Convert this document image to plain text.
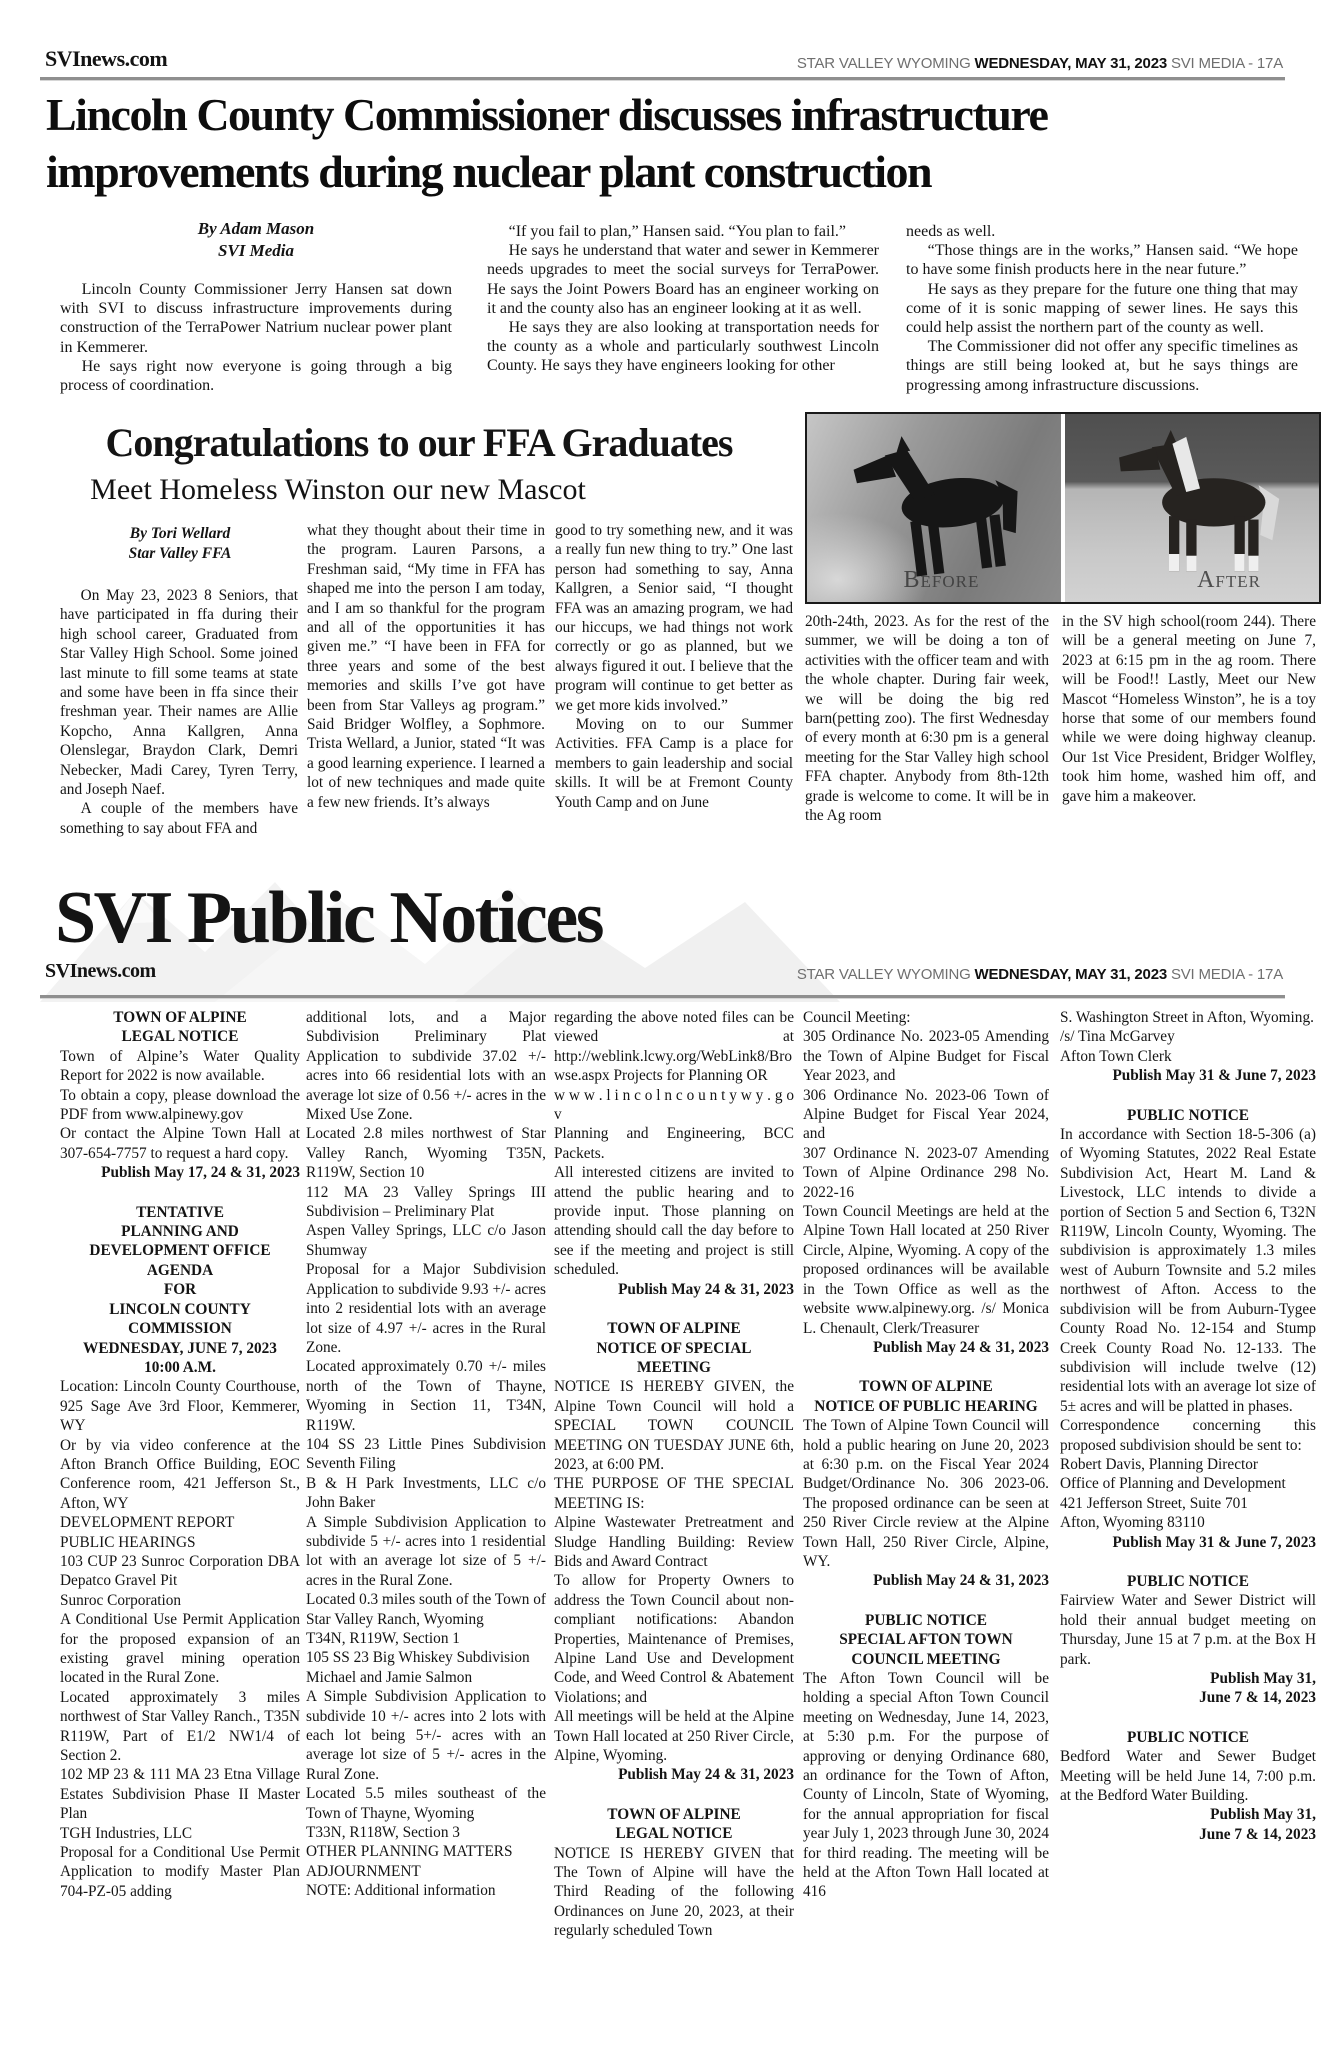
SVInews.com	STAR VALLEY WYOMING WEDNESDAY, MAY 31, 2023 SVI MEDIA - 17A
Lincoln County Commissioner discusses infrastructure improvements during nuclear plant construction
By Adam Mason
SVI Media

Lincoln County Commissioner Jerry Hansen sat down with SVI to discuss infrastructure improvements during construction of the TerraPower Natrium nuclear power plant in Kemmerer.

He says right now everyone is going through a big process of coordination.

“If you fail to plan,” Hansen said. “You plan to fail.”

He says he understand that water and sewer in Kemmerer needs upgrades to meet the social surveys for TerraPower. He says the Joint Powers Board has an engineer working on it and the county also has an engineer looking at it as well.

He says they are also looking at transportation needs for the county as a whole and particularly southwest Lincoln County. He says they have engineers looking for other

needs as well.

“Those things are in the works,” Hansen said. “We hope to have some finish products here in the near future.”

He says as they prepare for the future one thing that may come of it is sonic mapping of sewer lines. He says this could help assist the northern part of the county as well.

The Commissioner did not offer any specific timelines as things are still being looked at, but he says things are progressing among infrastructure discussions.

Congratulations to our FFA Graduates
Meet Homeless Winston our new Mascot
By Tori Wellard
Star Valley FFA
Before	After

On May 23, 2023 8 Seniors, that have participated in ffa during their high school career, Graduated from Star Valley High School. Some joined last minute to fill some teams at state and some have been in ffa since their freshman year. Their names are Allie Kopcho, Anna Kallgren, Anna Olenslegar, Braydon Clark, Demri Nebecker, Madi Carey, Tyren Terry, and Joseph Naef.

A couple of the members have something to say about FFA and

what they thought about their time in the program. Lauren Parsons, a Freshman said, “My time in FFA has shaped me into the person I am today, and I am so thankful for the program and all of the opportunities it has given me.” “I have been in FFA for three years and some of the best memories and skills I’ve got have been from Star Valleys ag program.” Said Bridger Wolfley, a Sophmore. Trista Wellard, a Junior, stated “It was a good learning experience. I learned a lot of new techniques and made quite a few new friends. It’s always

good to try something new, and it was a really fun new thing to try.” One last person had something to say, Anna Kallgren, a Senior said, “I thought FFA was an amazing program, we had our hiccups, we had things not work correctly or go as planned, but we always figured it out. I believe that the program will continue to get better as we get more kids involved.”

Moving on to our Summer Activities. FFA Camp is a place for members to gain leadership and social skills. It will be at Fremont County Youth Camp and on June

20th-24th, 2023. As for the rest of the summer, we will be doing a ton of activities with the officer team and with the whole chapter. During fair week, we will be doing the big red barn(petting zoo). The first Wednesday of every month at 6:30 pm is a general meeting for the Star Valley high school FFA chapter. Anybody from 8th-12th grade is welcome to come. It will be in the Ag room

in the SV high school(room 244). There will be a general meeting on June 7, 2023 at 6:15 pm in the ag room. There will be Food!! Lastly, Meet our New Mascot “Homeless Winston”, he is a toy horse that some of our members found while we were doing highway cleanup. Our 1st Vice President, Bridger Wolfley, took him home, washed him off, and gave him a makeover.

SVI Public Notices
SVInews.com	STAR VALLEY WYOMING WEDNESDAY, MAY 31, 2023 SVI MEDIA - 17A

TOWN OF ALPINE

LEGAL NOTICE

Town of Alpine’s Water Quality Report for 2022 is now available.

To obtain a copy, please download the PDF from www.alpinewy.gov

Or contact the Alpine Town Hall at 307-654-7757 to request a hard copy.

Publish May 17, 24 & 31, 2023

TENTATIVE

PLANNING AND

DEVELOPMENT OFFICE

AGENDA

FOR

LINCOLN COUNTY

COMMISSION

WEDNESDAY, JUNE 7, 2023

10:00 A.M.

Location: Lincoln County Courthouse, 925 Sage Ave 3rd Floor, Kemmerer, WY

Or by via video conference at the Afton Branch Office Building, EOC Conference room, 421 Jefferson St., Afton, WY

DEVELOPMENT REPORT

PUBLIC HEARINGS

103 CUP 23 Sunroc Corporation DBA Depatco Gravel Pit

Sunroc Corporation

A Conditional Use Permit Application for the proposed expansion of an existing gravel mining operation located in the Rural Zone.

Located approximately 3 miles northwest of Star Valley Ranch., T35N R119W, Part of E1/2 NW1/4 of Section 2.

102 MP 23 & 111 MA 23 Etna Village Estates Subdivision Phase II Master Plan

TGH Industries, LLC

Proposal for a Conditional Use Permit Application to modify Master Plan 704-PZ-05 adding

additional lots, and a Major Subdivision Preliminary Plat Application to subdivide 37.02 +/- acres into 66 residential lots with an average lot size of 0.56 +/- acres in the Mixed Use Zone.

Located 2.8 miles northwest of Star Valley Ranch, Wyoming T35N, R119W, Section 10

112 MA 23 Valley Springs III Subdivision – Preliminary Plat

Aspen Valley Springs, LLC c/o Jason Shumway

Proposal for a Major Subdivision Application to subdivide 9.93 +/- acres into 2 residential lots with an average lot size of 4.97 +/- acres in the Rural Zone.

Located approximately 0.70 +/- miles north of the Town of Thayne, Wyoming in Section 11, T34N, R119W.

104 SS 23 Little Pines Subdivision Seventh Filing

B & H Park Investments, LLC c/o John Baker

A Simple Subdivision Application to subdivide 5 +/- acres into 1 residential lot with an average lot size of 5 +/- acres in the Rural Zone.

Located 0.3 miles south of the Town of Star Valley Ranch, Wyoming

T34N, R119W, Section 1

105 SS 23 Big Whiskey Subdivision

Michael and Jamie Salmon

A Simple Subdivision Application to subdivide 10 +/- acres into 2 lots with each lot being 5+/- acres with an average lot size of 5 +/- acres in the Rural Zone.

Located 5.5 miles southeast of the Town of Thayne, Wyoming

T33N, R118W, Section 3

OTHER PLANNING MATTERS

ADJOURNMENT

NOTE: Additional information

regarding the above noted files can be viewed at http://weblink.lcwy.org/WebLink8/Browse.aspx Projects for Planning OR

w w w . l i n c o l n c o u n t y w y . g o v

Planning and Engineering, BCC Packets.

All interested citizens are invited to attend the public hearing and to provide input. Those planning on attending should call the day before to see if the meeting and project is still scheduled.

Publish May 24 & 31, 2023

TOWN OF ALPINE

NOTICE OF SPECIAL

MEETING

NOTICE IS HEREBY GIVEN, the Alpine Town Council will hold a SPECIAL TOWN COUNCIL MEETING ON TUESDAY JUNE 6th, 2023, at 6:00 PM.

THE PURPOSE OF THE SPECIAL MEETING IS:

Alpine Wastewater Pretreatment and Sludge Handling Building: Review Bids and Award Contract

To allow for Property Owners to address the Town Council about non-compliant notifications: Abandon Properties, Maintenance of Premises, Alpine Land Use and Development Code, and Weed Control & Abatement Violations; and

All meetings will be held at the Alpine Town Hall located at 250 River Circle, Alpine, Wyoming.

Publish May 24 & 31, 2023

TOWN OF ALPINE

LEGAL NOTICE

NOTICE IS HEREBY GIVEN that The Town of Alpine will have the Third Reading of the following Ordinances on June 20, 2023, at their regularly scheduled Town

Council Meeting:

305 Ordinance No. 2023-05 Amending the Town of Alpine Budget for Fiscal Year 2023, and

306 Ordinance No. 2023-06 Town of Alpine Budget for Fiscal Year 2024, and

307 Ordinance N. 2023-07 Amending Town of Alpine Ordinance 298 No. 2022-16

Town Council Meetings are held at the Alpine Town Hall located at 250 River Circle, Alpine, Wyoming. A copy of the proposed ordinances will be available in the Town Office as well as the website www.alpinewy.org. /s/ Monica L. Chenault, Clerk/Treasurer

Publish May 24 & 31, 2023

TOWN OF ALPINE

NOTICE OF PUBLIC HEARING

The Town of Alpine Town Council will hold a public hearing on June 20, 2023 at 6:30 p.m. on the Fiscal Year 2024 Budget/Ordinance No. 306 2023-06. The proposed ordinance can be seen at 250 River Circle review at the Alpine Town Hall, 250 River Circle, Alpine, WY.

Publish May 24 & 31, 2023

PUBLIC NOTICE

SPECIAL AFTON TOWN

COUNCIL MEETING

The Afton Town Council will be holding a special Afton Town Council meeting on Wednesday, June 14, 2023, at 5:30 p.m. For the purpose of approving or denying Ordinance 680, an ordinance for the Town of Afton, County of Lincoln, State of Wyoming, for the annual appropriation for fiscal year July 1, 2023 through June 30, 2024 for third reading. The meeting will be held at the Afton Town Hall located at 416

S. Washington Street in Afton, Wyoming.

/s/ Tina McGarvey

Afton Town Clerk

Publish May 31 & June 7, 2023

PUBLIC NOTICE

In accordance with Section 18-5-306 (a) of Wyoming Statutes, 2022 Real Estate Subdivision Act, Heart M. Land & Livestock, LLC intends to divide a portion of Section 5 and Section 6, T32N R119W, Lincoln County, Wyoming. The subdivision is approximately 1.3 miles west of Auburn Townsite and 5.2 miles northwest of Afton. Access to the subdivision will be from Auburn-Tygee County Road No. 12-154 and Stump Creek County Road No. 12-133. The subdivision will include twelve (12) residential lots with an average lot size of 5± acres and will be platted in phases.

Correspondence concerning this proposed subdivision should be sent to:

Robert Davis, Planning Director

Office of Planning and Development

421 Jefferson Street, Suite 701

Afton, Wyoming 83110

Publish May 31 & June 7, 2023

PUBLIC NOTICE

Fairview Water and Sewer District will hold their annual budget meeting on Thursday, June 15 at 7 p.m. at the Box H park.

Publish May 31,

June 7 & 14, 2023

PUBLIC NOTICE

Bedford Water and Sewer Budget Meeting will be held June 14, 7:00 p.m. at the Bedford Water Building.

Publish May 31,

June 7 & 14, 2023
